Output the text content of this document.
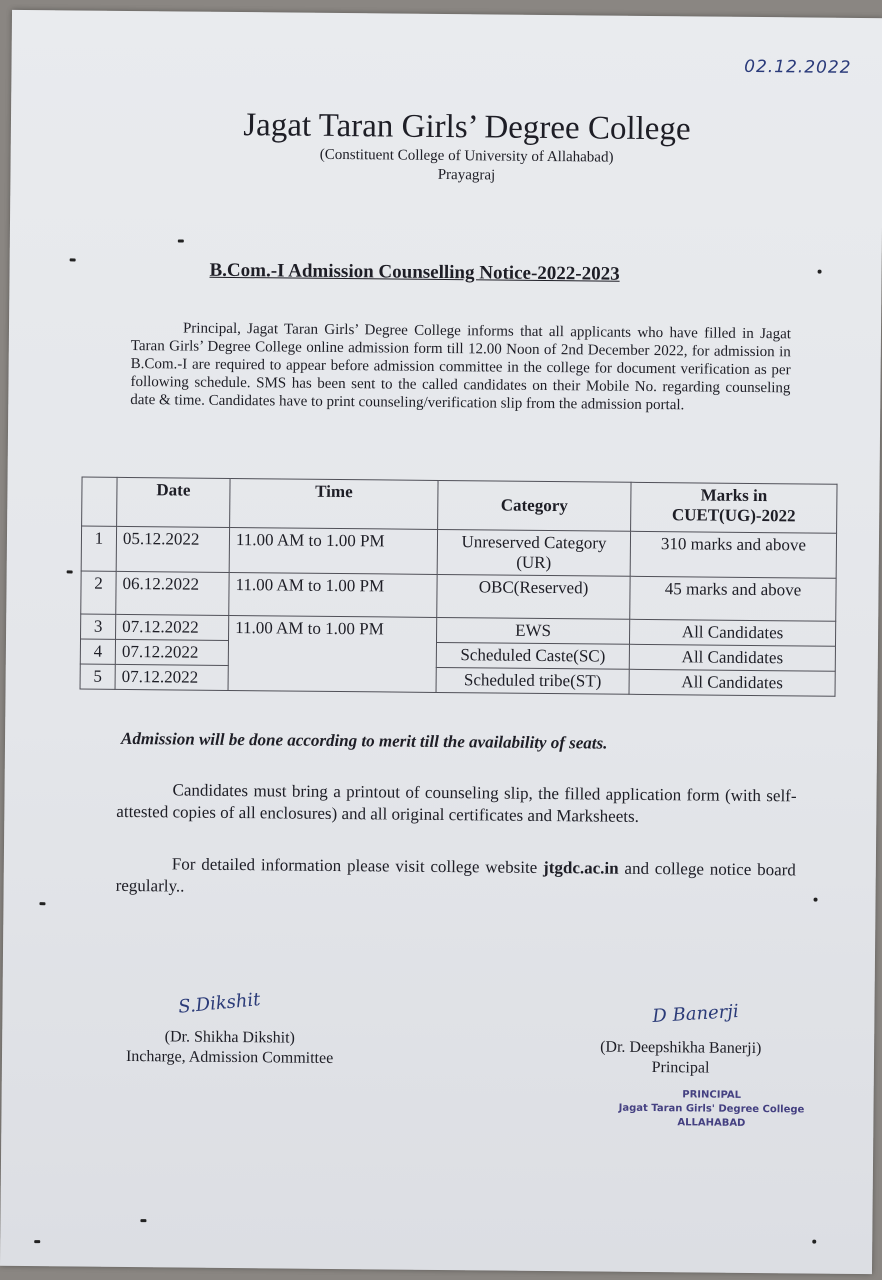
02.12.2022
Jagat Taran Girls’ Degree College
(Constituent College of University of Allahabad)
Prayagraj
B.Com.-I Admission Counselling Notice-2022-2023
Principal, Jagat Taran Girls’ Degree College informs that all applicants who have filled in Jagat Taran Girls’ Degree College online admission form till 12.00 Noon of 2nd December 2022, for admission in B.Com.-I are required to appear before admission committee in the college for document verification as per following schedule. SMS has been sent to the called candidates on their Mobile No. regarding counseling date & time. Candidates have to print counseling/verification slip from the admission portal.
	Date	Time	Category	Marks in CUET(UG)-2022
1	05.12.2022	11.00 AM to 1.00 PM	Unreserved Category (UR)	310 marks and above
2	06.12.2022	11.00 AM to 1.00 PM	OBC(Reserved)	45 marks and above
3	07.12.2022	11.00 AM to 1.00 PM	EWS	All Candidates
4	07.12.2022		Scheduled Caste(SC)	All Candidates
5	07.12.2022		Scheduled tribe(ST)	All Candidates
Admission will be done according to merit till the availability of seats.
Candidates must bring a printout of counseling slip, the filled application form (with self-attested copies of all enclosures) and all original certificates and Marksheets.
For detailed information please visit college website jtgdc.ac.in and college notice board regularly..
S.Dikshit
(Dr. Shikha Dikshit)
Incharge, Admission Committee
D Banerji
(Dr. Deepshikha Banerji)
Principal
PRINCIPAL
Jagat Taran Girls' Degree College
ALLAHABAD
